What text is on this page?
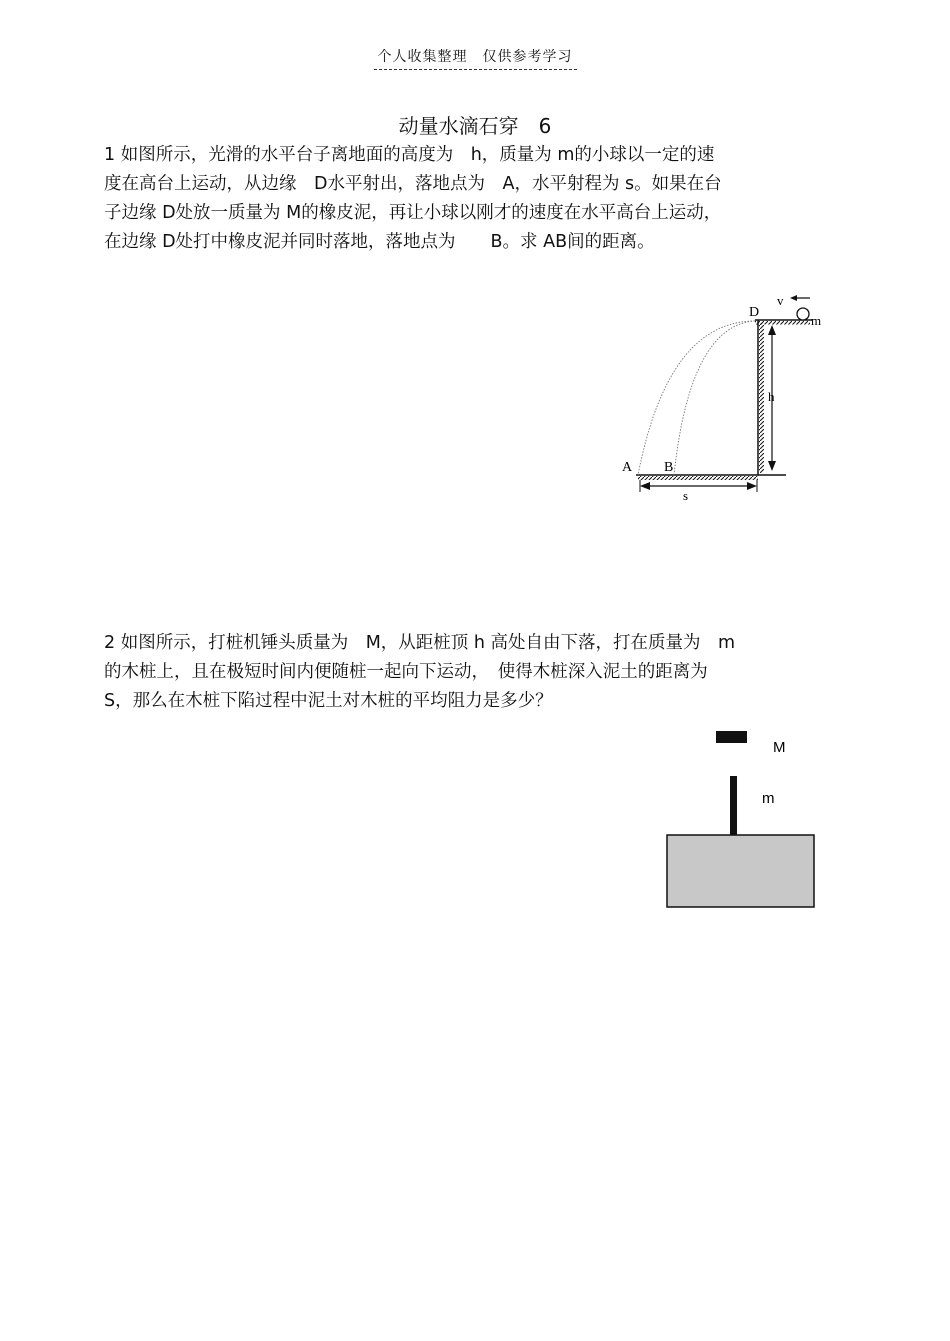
个人收集整理　仅供参考学习
动量水滴石穿　6

1 如图所示，光滑的水平台子离地面的高度为　h，质量为 m的小球以一定的速
度在高台上运动，从边缘　D水平射出，落地点为　A，水平射程为 s。如果在台
子边缘 D处放一质量为 M的橡皮泥，再让小球以刚才的速度在水平高台上运动，
在边缘 D处打中橡皮泥并同时落地，落地点为　　B。求 AB间的距离。

D
v
m
h
A B
s

2 如图所示，打桩机锤头质量为　M，从距桩顶 h 高处自由下落，打在质量为　m
的木桩上，且在极短时间内便随桩一起向下运动，　使得木桩深入泥土的距离为
S，那么在木桩下陷过程中泥土对木桩的平均阻力是多少？

M
m
